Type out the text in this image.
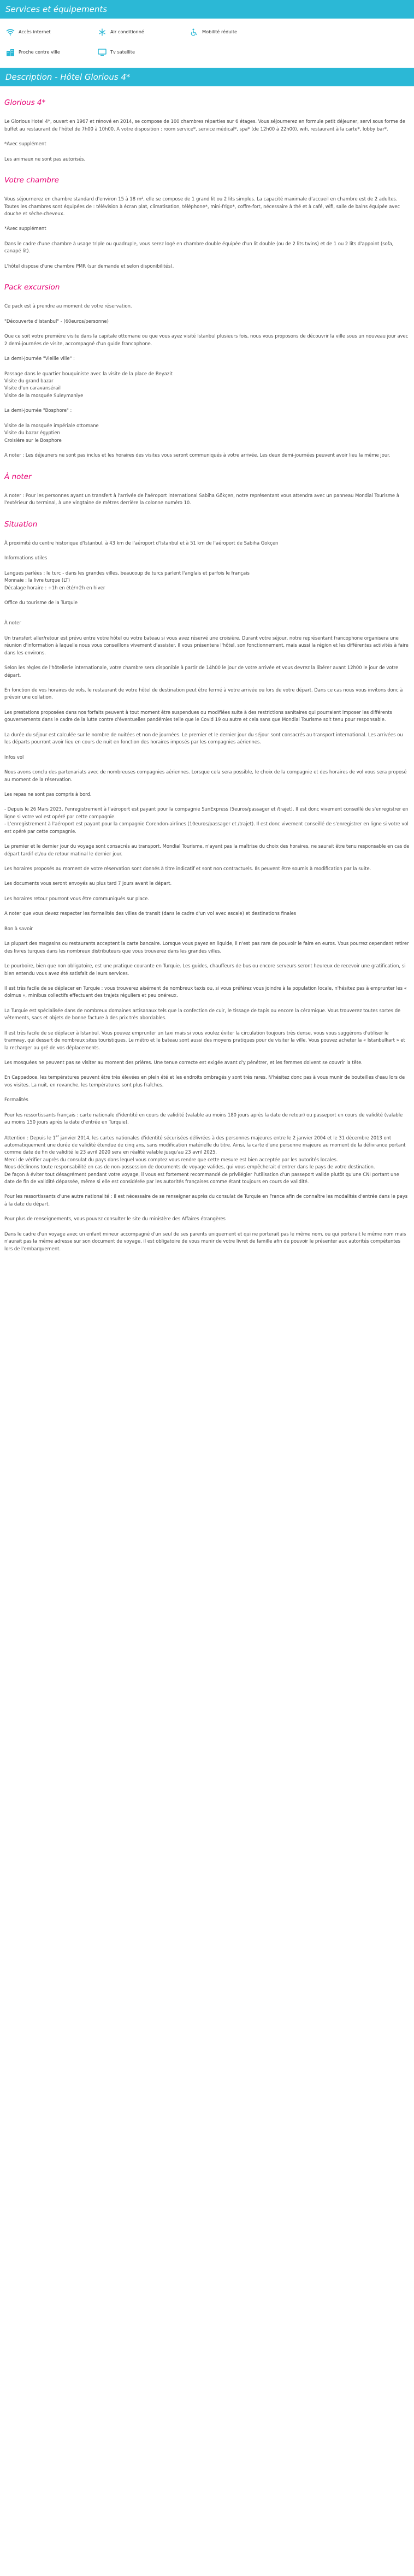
Services et équipements
Accès internet	Air conditionné	Mobilité réduite
Proche centre ville	Tv satellite
Description - Hôtel Glorious 4*
Glorious 4*

Le Glorious Hotel 4*, ouvert en 1967 et rénové en 2014, se compose de 100 chambres réparties sur 6 étages. Vous séjournerez en formule petit déjeuner, servi sous forme de buffet au restaurant de l'hôtel de 7h00 à 10h00. A votre disposition : room service*, service médical*, spa* (de 12h00 à 22h00), wifi, restaurant à la carte*, lobby bar*.

*Avec supplément

Les animaux ne sont pas autorisés.

Votre chambre

Vous séjournerez en chambre standard d'environ 15 à 18 m², elle se compose de 1 grand lit ou 2 lits simples. La capacité maximale d'accueil en chambre est de 2 adultes. Toutes les chambres sont équipées de : télévision à écran plat, climatisation, téléphone*, mini-frigo*, coffre-fort, nécessaire à thé et à café, wifi, salle de bains équipée avec douche et sèche-cheveux.

*Avec supplément

Dans le cadre d'une chambre à usage triple ou quadruple, vous serez logé en chambre double équipée d'un lit double (ou de 2 lits twins) et de 1 ou 2 lits d'appoint (sofa, canapé lit).

L'hôtel dispose d'une chambre PMR (sur demande et selon disponibilités).

Pack excursion

Ce pack est à prendre au moment de votre réservation.

"Découverte d'Istanbul" - (60euros/personne)

Que ce soit votre première visite dans la capitale ottomane ou que vous ayez visité Istanbul plusieurs fois, nous vous proposons de découvrir la ville sous un nouveau jour avec 2 demi-journées de visite, accompagné d'un guide francophone.

La demi-journée "Vieille ville" :

Passage dans le quartier bouquiniste avec la visite de la place de Beyazit

Visite du grand bazar

Visite d'un caravansérail

Visite de la mosquée Suleymaniye

La demi-journée "Bosphore" :

Visite de la mosquée impériale ottomane

Visite du bazar égyptien

Croisière sur le Bosphore

A noter : Les déjeuners ne sont pas inclus et les horaires des visites vous seront communiqués à votre arrivée. Les deux demi-journées peuvent avoir lieu la même jour.

À noter

A noter : Pour les personnes ayant un transfert à l'arrivée de l'aéroport international Sabiha Gökçen, notre représentant vous attendra avec un panneau Mondial Tourisme à l'extérieur du terminal, à une vingtaine de mètres derrière la colonne numéro 10.

Situation

À proximité du centre historique d'Istanbul, à 43 km de l'aéroport d'Istanbul et à 51 km de l'aéroport de Sabiha Gokçen

Informations utiles

Langues parlées : le turc - dans les grandes villes, beaucoup de turcs parlent l'anglais et parfois le français

Monnaie : la livre turque (LT)

Décalage horaire : +1h en été/+2h en hiver

Office du tourisme de la Turquie

À noter

Un transfert aller/retour est prévu entre votre hôtel ou votre bateau si vous avez réservé une croisière. Durant votre séjour, notre représentant francophone organisera une réunion d'information à laquelle nous vous conseillons vivement d'assister. Il vous présentera l'hôtel, son fonctionnement, mais aussi la région et les différentes activités à faire dans les environs.

Selon les règles de l'hôtellerie internationale, votre chambre sera disponible à partir de 14h00 le jour de votre arrivée et vous devrez la libérer avant 12h00 le jour de votre départ.

En fonction de vos horaires de vols, le restaurant de votre hôtel de destination peut être fermé à votre arrivée ou lors de votre départ. Dans ce cas nous vous invitons donc à prévoir une collation.

Les prestations proposées dans nos forfaits peuvent à tout moment être suspendues ou modifiées suite à des restrictions sanitaires qui pourraient imposer les différents gouvernements dans le cadre de la lutte contre d'éventuelles pandémies telle que le Covid 19 ou autre et cela sans que Mondial Tourisme soit tenu pour responsable.

La durée du séjour est calculée sur le nombre de nuitées et non de journées. Le premier et le dernier jour du séjour sont consacrés au transport international. Les arrivées ou les départs pourront avoir lieu en cours de nuit en fonction des horaires imposés par les compagnies aériennes.

Infos vol

Nous avons conclu des partenariats avec de nombreuses compagnies aériennes. Lorsque cela sera possible, le choix de la compagnie et des horaires de vol vous sera proposé au moment de la réservation.

Les repas ne sont pas compris à bord.

- Depuis le 26 Mars 2023, l'enregistrement à l'aéroport est payant pour la compagnie SunExpress (5euros/passager et /trajet). Il est donc vivement conseillé de s'enregistrer en ligne si votre vol est opéré par cette compagnie.

- L'enregistrement à l'aéroport est payant pour la compagnie Corendon-airlines (10euros/passager et /trajet). Il est donc vivement conseillé de s'enregistrer en ligne si votre vol est opéré par cette compagnie.

Le premier et le dernier jour du voyage sont consacrés au transport. Mondial Tourisme, n'ayant pas la maîtrise du choix des horaires, ne saurait être tenu responsable en cas de départ tardif et/ou de retour matinal le dernier jour.

Les horaires proposés au moment de votre réservation sont donnés à titre indicatif et sont non contractuels. Ils peuvent être soumis à modification par la suite.

Les documents vous seront envoyés au plus tard 7 jours avant le départ.

Les horaires retour pourront vous être communiqués sur place.

A noter que vous devez respecter les formalités des villes de transit (dans le cadre d'un vol avec escale) et destinations finales

Bon à savoir

La plupart des magasins ou restaurants acceptent la carte bancaire. Lorsque vous payez en liquide, il n'est pas rare de pouvoir le faire en euros. Vous pourrez cependant retirer des livres turques dans les nombreux distributeurs que vous trouverez dans les grandes villes.

Le pourboire, bien que non obligatoire, est une pratique courante en Turquie. Les guides, chauffeurs de bus ou encore serveurs seront heureux de recevoir une gratification, si bien entendu vous avez été satisfait de leurs services.

Il est très facile de se déplacer en Turquie : vous trouverez aisément de nombreux taxis ou, si vous préférez vous joindre à la population locale, n'hésitez pas à emprunter les « dolmus », minibus collectifs effectuant des trajets réguliers et peu onéreux.

La Turquie est spécialisée dans de nombreux domaines artisanaux tels que la confection de cuir, le tissage de tapis ou encore la céramique. Vous trouverez toutes sortes de vêtements, sacs et objets de bonne facture à des prix très abordables.

Il est très facile de se déplacer à Istanbul. Vous pouvez emprunter un taxi mais si vous voulez éviter la circulation toujours très dense, vous vous suggérons d'utiliser le tramway, qui dessert de nombreux sites touristiques. Le métro et le bateau sont aussi des moyens pratiques pour de visiter la ville. Vous pouvez acheter la « Istanbulkart » et la recharger au gré de vos déplacements.

Les mosquées ne peuvent pas se visiter au moment des prières. Une tenue correcte est exigée avant d'y pénétrer, et les femmes doivent se couvrir la tête.

En Cappadoce, les températures peuvent être très élevées en plein été et les endroits ombragés y sont très rares. N'hésitez donc pas à vous munir de bouteilles d'eau lors de vos visites. La nuit, en revanche, les températures sont plus fraîches.

Formalités

Pour les ressortissants français : carte nationale d'identité en cours de validité (valable au moins 180 jours après la date de retour) ou passeport en cours de validité (valable au moins 150 jours après la date d'entrée en Turquie).

Attention : Depuis le 1er janvier 2014, les cartes nationales d'identité sécurisées délivrées à des personnes majeures entre le 2 janvier 2004 et le 31 décembre 2013 ont automatiquement une durée de validité étendue de cinq ans, sans modification matérielle du titre. Ainsi, la carte d'une personne majeure au moment de la délivrance portant comme date de fin de validité le 23 avril 2020 sera en réalité valable jusqu'au 23 avril 2025.

Merci de vérifier auprès du consulat du pays dans lequel vous comptez vous rendre que cette mesure est bien acceptée par les autorités locales.

Nous déclinons toute responsabilité en cas de non-possession de documents de voyage valides, qui vous empêcherait d'entrer dans le pays de votre destination.

De façon à éviter tout désagrément pendant votre voyage, il vous est fortement recommandé de privilégier l'utilisation d'un passeport valide plutôt qu'une CNI portant une date de fin de validité dépassée, même si elle est considérée par les autorités françaises comme étant toujours en cours de validité.

Pour les ressortissants d'une autre nationalité : il est nécessaire de se renseigner auprès du consulat de Turquie en France afin de connaître les modalités d'entrée dans le pays à la date du départ.

Pour plus de renseignements, vous pouvez consulter le site du ministère des Affaires étrangères

Dans le cadre d'un voyage avec un enfant mineur accompagné d'un seul de ses parents uniquement et qui ne porterait pas le même nom, ou qui porterait le même nom mais n'aurait pas la même adresse sur son document de voyage, il est obligatoire de vous munir de votre livret de famille afin de pouvoir le présenter aux autorités compétentes lors de l'embarquement.
